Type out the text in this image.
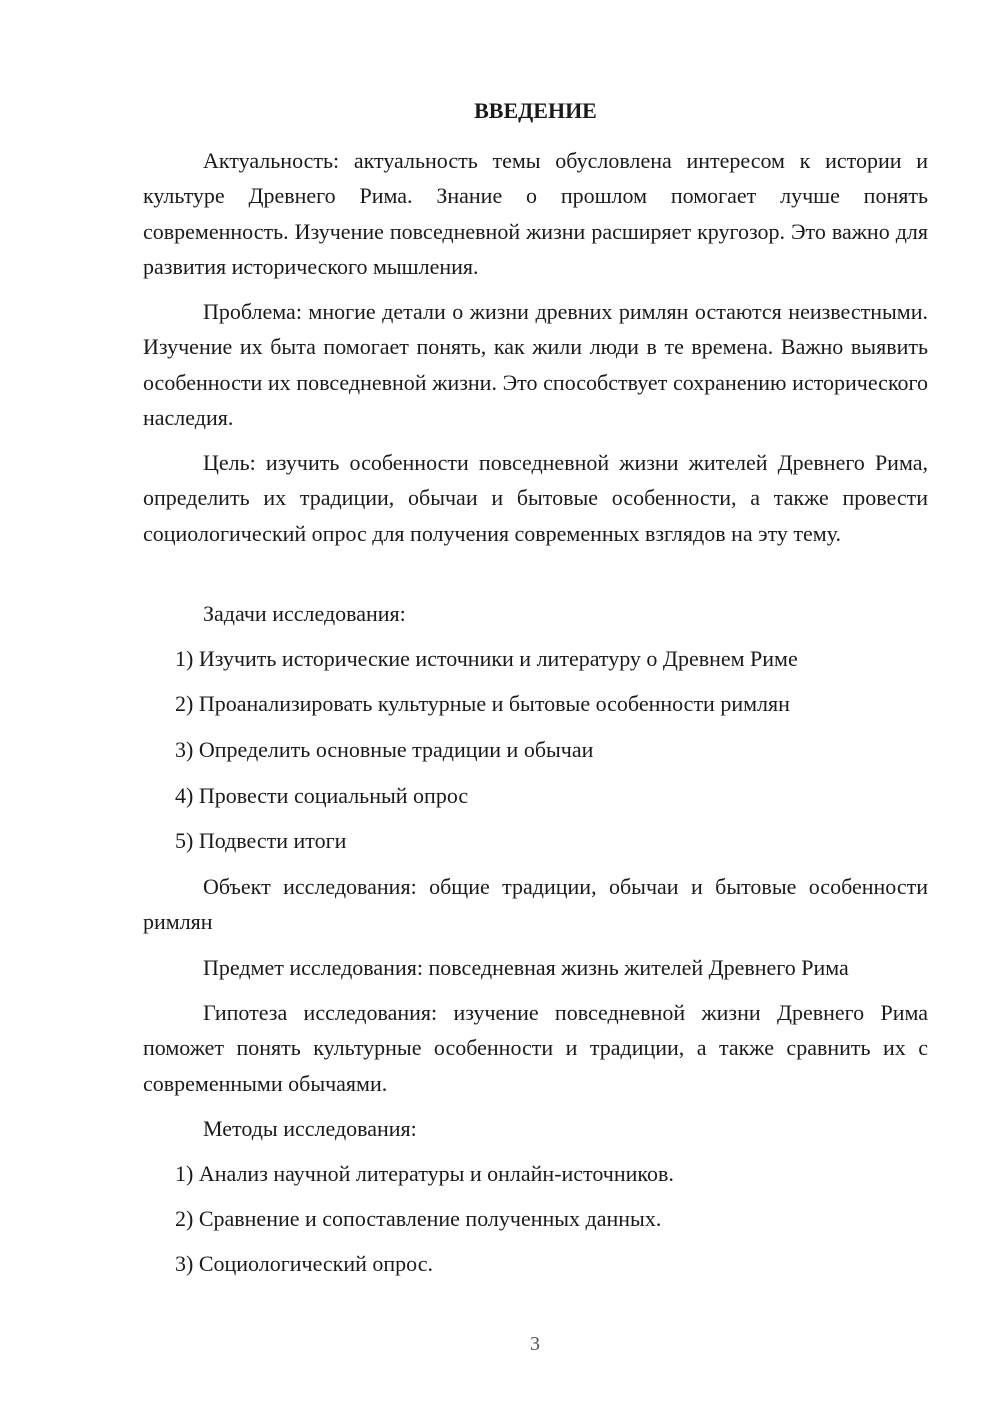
ВВЕДЕНИЕ

Актуальность: актуальность темы обусловлена интересом к истории и культуре Древнего Рима. Знание о прошлом помогает лучше понять современность. Изучение повседневной жизни расширяет кругозор. Это важно для развития исторического мышления.

Проблема: многие детали о жизни древних римлян остаются неизвестными. Изучение их быта помогает понять, как жили люди в те времена. Важно выявить особенности их повседневной жизни. Это способствует сохранению исторического наследия.

Цель: изучить особенности повседневной жизни жителей Древнего Рима, определить их традиции, обычаи и бытовые особенности, а также провести социологический опрос для получения современных взглядов на эту тему.

Задачи исследования:

1) Изучить исторические источники и литературу о Древнем Риме

2) Проанализировать культурные и бытовые особенности римлян

3) Определить основные традиции и обычаи

4) Провести социальный опрос

5) Подвести итоги

Объект исследования: общие традиции, обычаи и бытовые особенности римлян

Предмет исследования: повседневная жизнь жителей Древнего Рима

Гипотеза исследования: изучение повседневной жизни Древнего Рима поможет понять культурные особенности и традиции, а также сравнить их с современными обычаями.

Методы исследования:

1) Анализ научной литературы и онлайн-источников.

2) Сравнение и сопоставление полученных данных.

3) Социологический опрос.

3
